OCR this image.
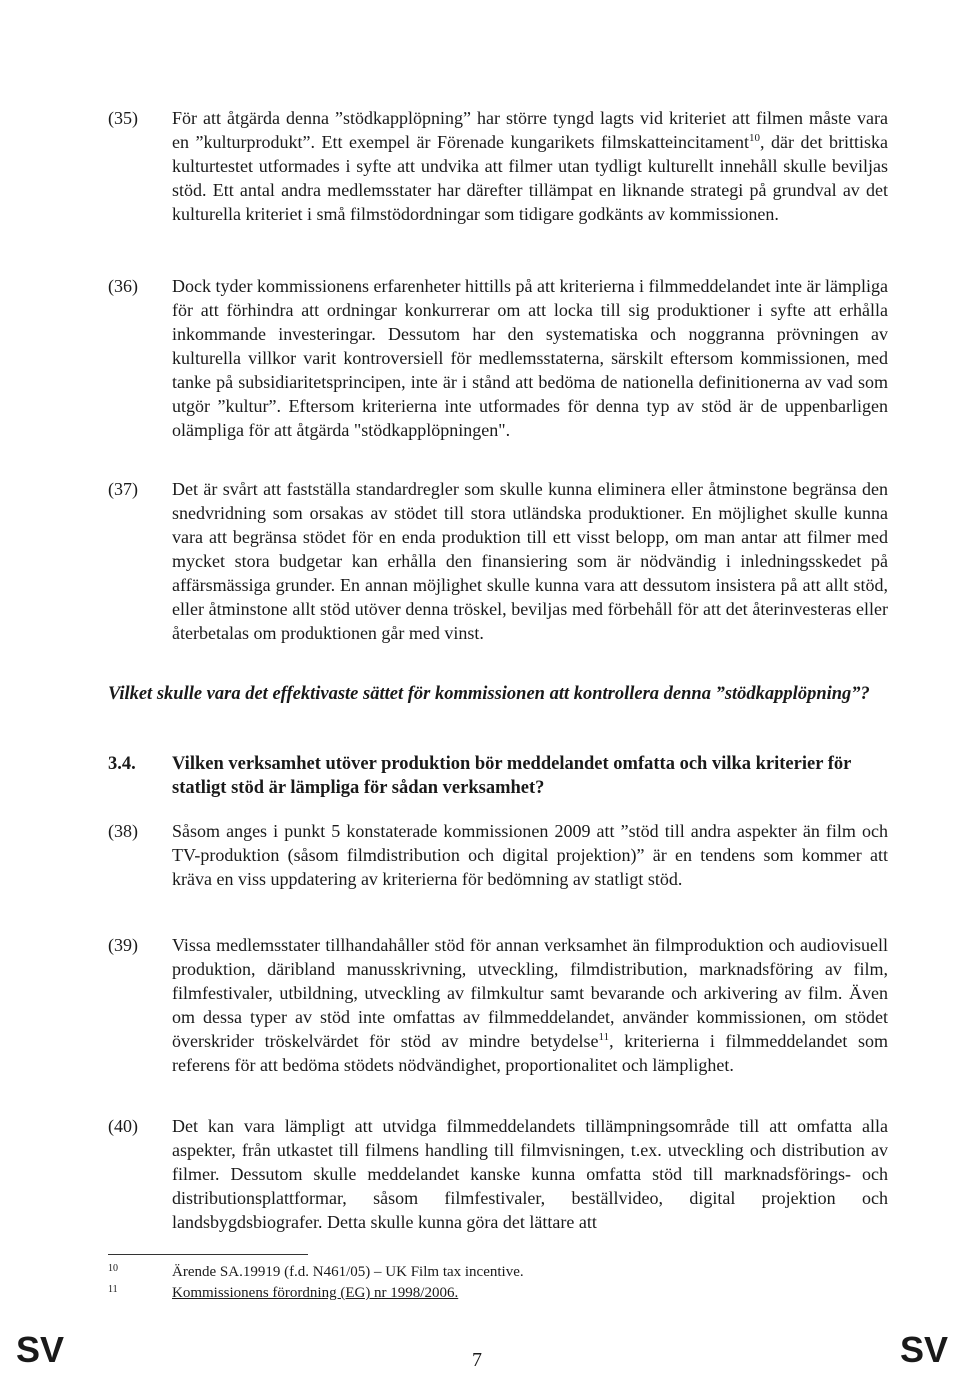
(35) För att åtgärda denna ”stödkapplöpning” har större tyngd lagts vid kriteriet att filmen måste vara en ”kulturprodukt”. Ett exempel är Förenade kungarikets filmskatteincitament$^{10}$, där det brittiska kulturtestet utformades i syfte att undvika att filmer utan tydligt kulturellt innehåll skulle beviljas stöd. Ett antal andra medlemsstater har därefter tillämpat en liknande strategi på grundval av det kulturella kriteriet i små filmstödordningar som tidigare godkänts av kommissionen.
(36) Dock tyder kommissionens erfarenheter hittills på att kriterierna i filmmeddelandet inte är lämpliga för att förhindra att ordningar konkurrerar om att locka till sig produktioner i syfte att erhålla inkommande investeringar. Dessutom har den systematiska och noggranna prövningen av kulturella villkor varit kontroversiell för medlemsstaterna, särskilt eftersom kommissionen, med tanke på subsidiaritetsprincipen, inte är i stånd att bedöma de nationella definitionerna av vad som utgör ”kultur”. Eftersom kriterierna inte utformades för denna typ av stöd är de uppenbarligen olämpliga för att åtgärda "stödkapplöpningen".
(37) Det är svårt att fastställa standardregler som skulle kunna eliminera eller åtminstone begränsa den snedvridning som orsakas av stödet till stora utländska produktioner. En möjlighet skulle kunna vara att begränsa stödet för en enda produktion till ett visst belopp, om man antar att filmer med mycket stora budgetar kan erhålla den finansiering som är nödvändig i inledningsskedet på affärsmässiga grunder. En annan möjlighet skulle kunna vara att dessutom insistera på att allt stöd, eller åtminstone allt stöd utöver denna tröskel, beviljas med förbehåll för att det återinvesteras eller återbetalas om produktionen går med vinst.
Vilket skulle vara det effektivaste sättet för kommissionen att kontrollera denna ”stödkapplöpning”?
3.4. Vilken verksamhet utöver produktion bör meddelandet omfatta och vilka kriterier för statligt stöd är lämpliga för sådan verksamhet?
(38) Såsom anges i punkt 5 konstaterade kommissionen 2009 att ”stöd till andra aspekter än film och TV-produktion (såsom filmdistribution och digital projektion)” är en tendens som kommer att kräva en viss uppdatering av kriterierna för bedömning av statligt stöd.
(39) Vissa medlemsstater tillhandahåller stöd för annan verksamhet än filmproduktion och audiovisuell produktion, däribland manusskrivning, utveckling, filmdistribution, marknadsföring av film, filmfestivaler, utbildning, utveckling av filmkultur samt bevarande och arkivering av film. Även om dessa typer av stöd inte omfattas av filmmeddelandet, använder kommissionen, om stödet överskrider tröskelvärdet för stöd av mindre betydelse$^{11}$, kriterierna i filmmeddelandet som referens för att bedöma stödets nödvändighet, proportionalitet och lämplighet.
(40) Det kan vara lämpligt att utvidga filmmeddelandets tillämpningsområde till att omfatta alla aspekter, från utkastet till filmens handling till filmvisningen, t.ex. utveckling och distribution av filmer. Dessutom skulle meddelandet kanske kunna omfatta stöd till marknadsförings- och distributionsplattformar, såsom filmfestivaler, beställvideo, digital projektion och landsbygdsbiografer. Detta skulle kunna göra det lättare att
10	Ärende SA.19919 (f.d. N461/05) – UK Film tax incentive.
11	Kommissionens förordning (EG) nr 1998/2006.
SV	7	SV
